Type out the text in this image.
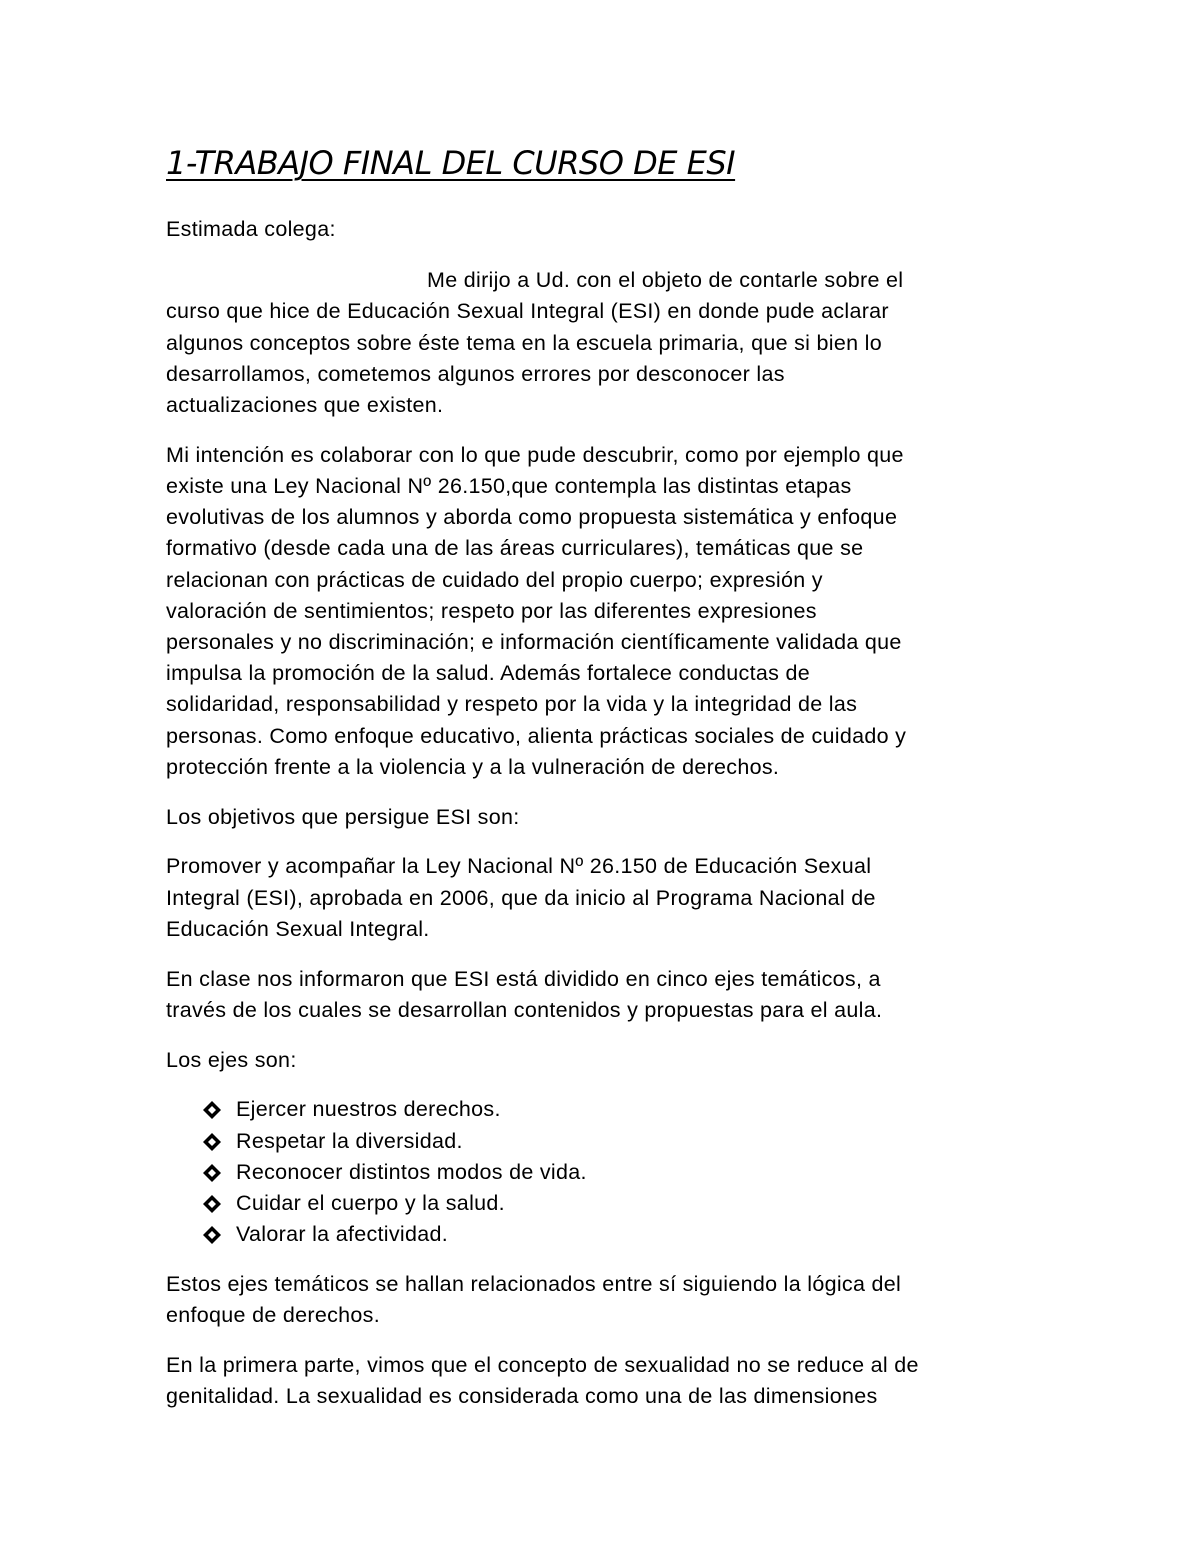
1-TRABAJO FINAL DEL CURSO DE ESI

Estimada colega:

Me dirijo a Ud. con el objeto de contarle sobre el
curso que hice de Educación Sexual Integral (ESI) en donde pude aclarar
algunos conceptos sobre éste tema en la escuela primaria, que si bien lo
desarrollamos, cometemos algunos errores por desconocer las
actualizaciones que existen.

Mi intención es colaborar con lo que pude descubrir, como por ejemplo que
existe una Ley Nacional Nº 26.150,que contempla las distintas etapas
evolutivas de los alumnos y aborda como propuesta sistemática y enfoque
formativo (desde cada una de las áreas curriculares), temáticas que se
relacionan con prácticas de cuidado del propio cuerpo; expresión y
valoración de sentimientos; respeto por las diferentes expresiones
personales y no discriminación; e información científicamente validada que
impulsa la promoción de la salud. Además fortalece conductas de
solidaridad, responsabilidad y respeto por la vida y la integridad de las
personas. Como enfoque educativo, alienta prácticas sociales de cuidado y
protección frente a la violencia y a la vulneración de derechos.

Los objetivos que persigue ESI son:

Promover y acompañar la Ley Nacional Nº 26.150 de Educación Sexual
Integral (ESI), aprobada en 2006, que da inicio al Programa Nacional de
Educación Sexual Integral.

En clase nos informaron que ESI está dividido en cinco ejes temáticos, a
través de los cuales se desarrollan contenidos y propuestas para el aula.

Los ejes son:

Ejercer nuestros derechos.
Respetar la diversidad.
Reconocer distintos modos de vida.
Cuidar el cuerpo y la salud.
Valorar la afectividad.

Estos ejes temáticos se hallan relacionados entre sí siguiendo la lógica del
enfoque de derechos.

En la primera parte, vimos que el concepto de sexualidad no se reduce al de
genitalidad. La sexualidad es considerada como una de las dimensiones
